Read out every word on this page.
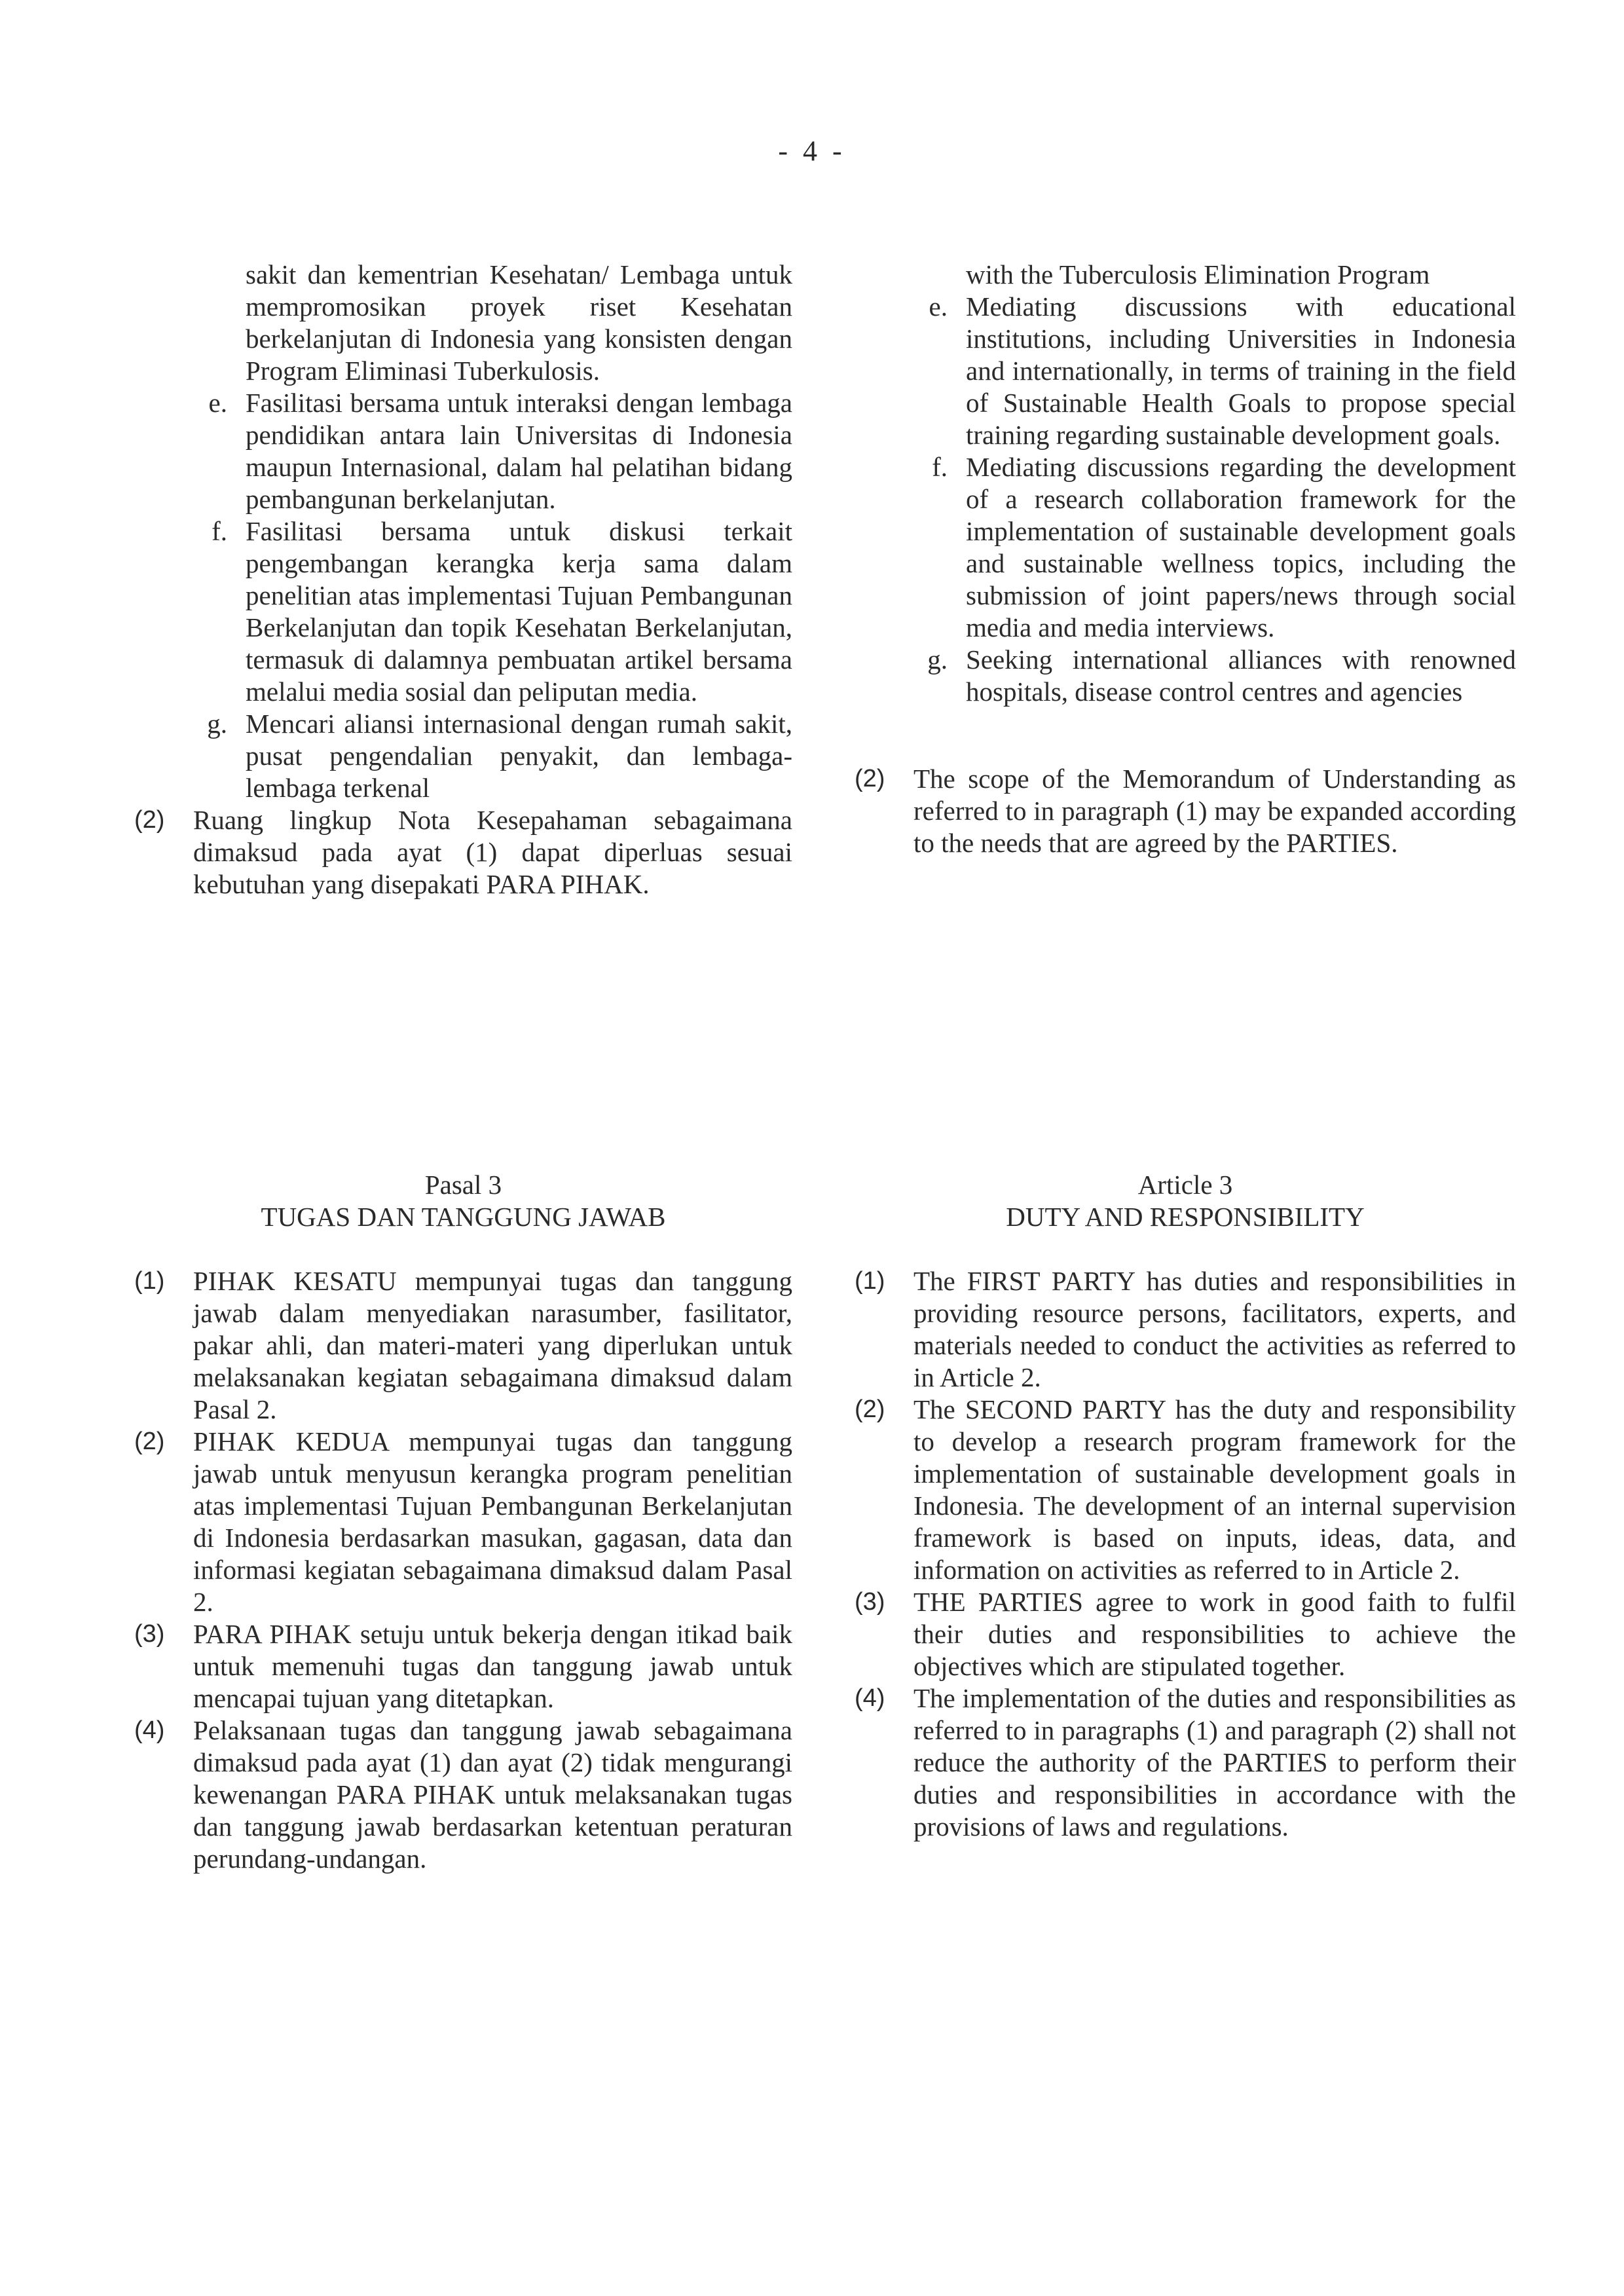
- 4 -

sakit dan kementrian Kesehatan/ Lembaga untuk mempromosikan proyek riset Kesehatan berkelanjutan di Indonesia yang konsisten dengan Program Eliminasi Tuberkulosis.

e. Fasilitasi bersama untuk interaksi dengan lembaga pendidikan antara lain Universitas di Indonesia maupun Internasional, dalam hal pelatihan bidang pembangunan berkelanjutan.
f. Fasilitasi bersama untuk diskusi terkait pengembangan kerangka kerja sama dalam penelitian atas implementasi Tujuan Pembangunan Berkelanjutan dan topik Kesehatan Berkelanjutan, termasuk di dalamnya pembuatan artikel bersama melalui media sosial dan peliputan media.
g. Mencari aliansi internasional dengan rumah sakit, pusat pengendalian penyakit, dan lembaga-lembaga terkenal
(2)	Ruang lingkup Nota Kesepahaman sebagaimana dimaksud pada ayat (1) dapat diperluas sesuai kebutuhan yang disepakati PARA PIHAK.

with the Tuberculosis Elimination Program

e. Mediating discussions with educational institutions, including Universities in Indonesia and internationally, in terms of training in the field of Sustainable Health Goals to propose special training regarding sustainable development goals.
f. Mediating discussions regarding the development of a research collaboration framework for the implementation of sustainable development goals and sustainable wellness topics, including the submission of joint papers/news through social media and media interviews.
g. Seeking international alliances with renowned hospitals, disease control centres and agencies
(2)	The scope of the Memorandum of Understanding as referred to in paragraph (1) may be expanded according to the needs that are agreed by the PARTIES.
Pasal 3
TUGAS DAN TANGGUNG JAWAB
Article 3
DUTY AND RESPONSIBILITY
(1)	PIHAK KESATU mempunyai tugas dan tanggung jawab dalam menyediakan narasumber, fasilitator, pakar ahli, dan materi-materi yang diperlukan untuk melaksanakan kegiatan sebagaimana dimaksud dalam Pasal 2.
(2)	PIHAK KEDUA mempunyai tugas dan tanggung jawab untuk menyusun kerangka program penelitian atas implementasi Tujuan Pembangunan Berkelanjutan di Indonesia berdasarkan masukan, gagasan, data dan informasi kegiatan sebagaimana dimaksud dalam Pasal 2.
(3)	PARA PIHAK setuju untuk bekerja dengan itikad baik untuk memenuhi tugas dan tanggung jawab untuk mencapai tujuan yang ditetapkan.
(4)	Pelaksanaan tugas dan tanggung jawab sebagaimana dimaksud pada ayat (1) dan ayat (2) tidak mengurangi kewenangan PARA PIHAK untuk melaksanakan tugas dan tanggung jawab berdasarkan ketentuan peraturan perundang-undangan.
(1)	The FIRST PARTY has duties and responsibilities in providing resource persons, facilitators, experts, and materials needed to conduct the activities as referred to in Article 2.
(2)	The SECOND PARTY has the duty and responsibility to develop a research program framework for the implementation of sustainable development goals in Indonesia. The development of an internal supervision framework is based on inputs, ideas, data, and information on activities as referred to in Article 2.
(3)	THE PARTIES agree to work in good faith to fulfil their duties and responsibilities to achieve the objectives which are stipulated together.
(4)	The implementation of the duties and responsibilities as referred to in paragraphs (1) and paragraph (2) shall not reduce the authority of the PARTIES to perform their duties and responsibilities in accordance with the provisions of laws and regulations.
